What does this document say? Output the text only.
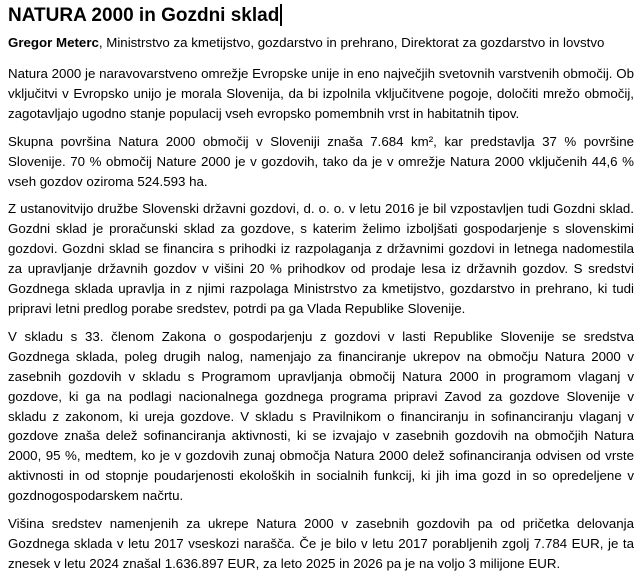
NATURA 2000 in Gozdni sklad

Gregor Meterc, Ministrstvo za kmetijstvo, gozdarstvo in prehrano, Direktorat za gozdarstvo in lovstvo

Natura 2000 je naravovarstveno omrežje Evropske unije in eno največjih svetovnih varstvenih območij. Ob vključitvi v Evropsko unijo je morala Slovenija, da bi izpolnila vključitvene pogoje, določiti mrežo območij, zagotavljajo ugodno stanje populacij vseh evropsko pomembnih vrst in habitatnih tipov.

Skupna površina Natura 2000 območij v Sloveniji znaša 7.684 km², kar predstavlja 37 % površine Slovenije. 70 % območij Nature 2000 je v gozdovih, tako da je v omrežje Natura 2000 vključenih 44,6 % vseh gozdov oziroma 524.593 ha.

Z ustanovitvijo družbe Slovenski državni gozdovi, d. o. o. v letu 2016 je bil vzpostavljen tudi Gozdni sklad. Gozdni sklad je proračunski sklad za gozdove, s katerim želimo izboljšati gospodarjenje s slovenskimi gozdovi. Gozdni sklad se financira s prihodki iz razpolaganja z državnimi gozdovi in letnega nadomestila za upravljanje državnih gozdov v višini 20 % prihodkov od prodaje lesa iz državnih gozdov. S sredstvi Gozdnega sklada upravlja in z njimi razpolaga Ministrstvo za kmetijstvo, gozdarstvo in prehrano, ki tudi pripravi letni predlog porabe sredstev, potrdi pa ga Vlada Republike Slovenije.

V skladu s 33. členom Zakona o gospodarjenju z gozdovi v lasti Republike Slovenije se sredstva Gozdnega sklada, poleg drugih nalog, namenjajo za financiranje ukrepov na območju Natura 2000 v zasebnih gozdovih v skladu s Programom upravljanja območij Natura 2000 in programom vlaganj v gozdove, ki ga na podlagi nacionalnega gozdnega programa pripravi Zavod za gozdove Slovenije v skladu z zakonom, ki ureja gozdove. V skladu s Pravilnikom o financiranju in sofinanciranju vlaganj v gozdove znaša delež sofinanciranja aktivnosti, ki se izvajajo v zasebnih gozdovih na območjih Natura 2000, 95 %, medtem, ko je v gozdovih zunaj območja Natura 2000 delež sofinanciranja odvisen od vrste aktivnosti in od stopnje poudarjenosti ekoloških in socialnih funkcij, ki jih ima gozd in so opredeljene v gozdnogospodarskem načrtu.

Višina sredstev namenjenih za ukrepe Natura 2000 v zasebnih gozdovih pa od pričetka delovanja Gozdnega sklada v letu 2017 vseskozi narašča. Če je bilo v letu 2017 porabljenih zgolj 7.784 EUR, je ta znesek v letu 2024 znašal 1.636.897 EUR, za leto 2025 in 2026 pa je na voljo 3 milijone EUR.
